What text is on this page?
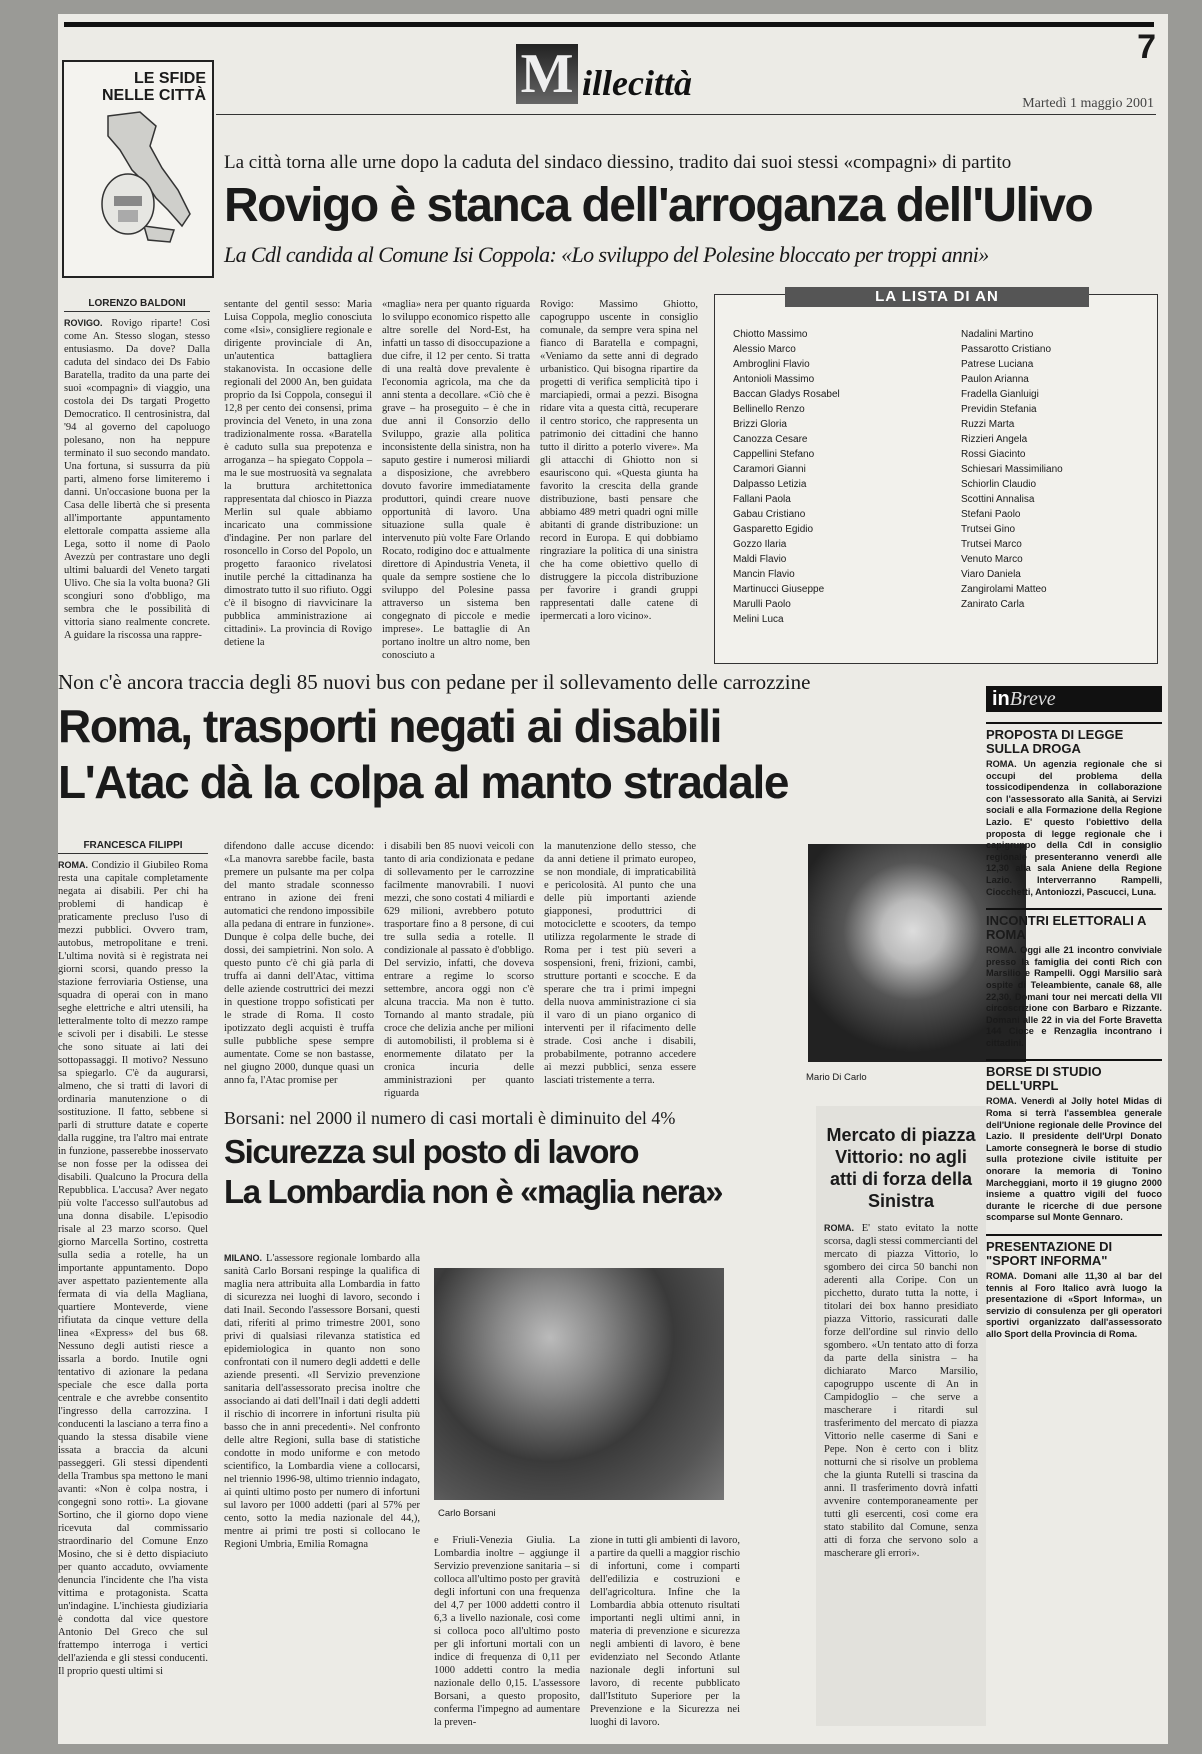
7
M illecittà
Martedì 1 maggio 2001
LE SFIDE
NELLE CITTÀ
La città torna alle urne dopo la caduta del sindaco diessino, tradito dai suoi stessi «compagni» di partito
Rovigo è stanca dell'arroganza dell'Ulivo
La Cdl candida al Comune Isi Coppola: «Lo sviluppo del Polesine bloccato per troppi anni»
LORENZO BALDONI

ROVIGO. Rovigo riparte! Così come An. Stesso slogan, stesso entusiasmo. Da dove? Dalla caduta del sindaco dei Ds Fabio Baratella, tradito da una parte dei suoi «compagni» di viaggio, una costola dei Ds targati Progetto Democratico. Il centrosinistra, dal '94 al governo del capoluogo polesano, non ha neppure terminato il suo secondo mandato. Una fortuna, si sussurra da più parti, almeno forse limiteremo i danni. Un'occasione buona per la Casa delle libertà che si presenta all'importante appuntamento elettorale compatta assieme alla Lega, sotto il nome di Paolo Avezzù per contrastare uno degli ultimi baluardi del Veneto targati Ulivo. Che sia la volta buona? Gli scongiuri sono d'obbligo, ma sembra che le possibilità di vittoria siano realmente concrete. A guidare la riscossa una rappre-

sentante del gentil sesso: Maria Luisa Coppola, meglio conosciuta come «Isi», consigliere regionale e dirigente provinciale di An, un'autentica battagliera stakanovista. In occasione delle regionali del 2000 An, ben guidata proprio da Isi Coppola, conseguì il 12,8 per cento dei consensi, prima provincia del Veneto, in una zona tradizionalmente rossa. «Baratella è caduto sulla sua prepotenza e arroganza – ha spiegato Coppola – ma le sue mostruosità va segnalata la bruttura architettonica rappresentata dal chiosco in Piazza Merlin sul quale abbiamo incaricato una commissione d'indagine. Per non parlare del rosoncello in Corso del Popolo, un progetto faraonico rivelatosi inutile perché la cittadinanza ha dimostrato tutto il suo rifiuto. Oggi c'è il bisogno di riavvicinare la pubblica amministrazione ai cittadini». La provincia di Rovigo detiene la

«maglia» nera per quanto riguarda lo sviluppo economico rispetto alle altre sorelle del Nord-Est, ha infatti un tasso di disoccupazione a due cifre, il 12 per cento. Si tratta di una realtà dove prevalente è l'economia agricola, ma che da anni stenta a decollare. «Ciò che è grave – ha proseguito – è che in due anni il Consorzio dello Sviluppo, grazie alla politica inconsistente della sinistra, non ha saputo gestire i numerosi miliardi a disposizione, che avrebbero dovuto favorire immediatamente produttori, quindi creare nuove opportunità di lavoro. Una situazione sulla quale è intervenuto più volte Fare Orlando Rocato, rodigino doc e attualmente direttore di Apindustria Veneta, il quale da sempre sostiene che lo sviluppo del Polesine passa attraverso un sistema ben congegnato di piccole e medie imprese». Le battaglie di An portano inoltre un altro nome, ben conosciuto a

Rovigo: Massimo Ghiotto, capogruppo uscente in consiglio comunale, da sempre vera spina nel fianco di Baratella e compagni, «Veniamo da sette anni di degrado urbanistico. Qui bisogna ripartire da progetti di verifica semplicità tipo i marciapiedi, ormai a pezzi. Bisogna ridare vita a questa città, recuperare il centro storico, che rappresenta un patrimonio dei cittadini che hanno tutto il diritto a poterlo vivere». Ma gli attacchi di Ghiotto non si esauriscono qui. «Questa giunta ha favorito la crescita della grande distribuzione, basti pensare che abbiamo 489 metri quadri ogni mille abitanti di grande distribuzione: un record in Europa. E qui dobbiamo ringraziare la politica di una sinistra che ha come obiettivo quello di distruggere la piccola distribuzione per favorire i grandi gruppi rappresentati dalle catene di ipermercati a loro vicino».

LA LISTA DI AN
Chiotto Massimo
Alessio Marco
Ambroglini Flavio
Antonioli Massimo
Baccan Gladys Rosabel
Bellinello Renzo
Brizzi Gloria
Canozza Cesare
Cappellini Stefano
Caramori Gianni
Dalpasso Letizia
Fallani Paola
Gabau Cristiano
Gasparetto Egidio
Gozzo Ilaria
Maldi Flavio
Mancin Flavio
Martinucci Giuseppe
Marulli Paolo
Melini Luca
Nadalini Martino
Passarotto Cristiano
Patrese Luciana
Paulon Arianna
Fradella Gianluigi
Previdin Stefania
Ruzzi Marta
Rizzieri Angela
Rossi Giacinto
Schiesari Massimiliano
Schiorlin Claudio
Scottini Annalisa
Stefani Paolo
Trutsei Gino
Trutsei Marco
Venuto Marco
Viaro Daniela
Zangirolami Matteo
Zanirato Carla
Non c'è ancora traccia degli 85 nuovi bus con pedane per il sollevamento delle carrozzine
Roma, trasporti negati ai disabili
L'Atac dà la colpa al manto stradale
FRANCESCA FILIPPI

ROMA. Condizio il Giubileo Roma resta una capitale completamente negata ai disabili. Per chi ha problemi di handicap è praticamente precluso l'uso di mezzi pubblici. Ovvero tram, autobus, metropolitane e treni. L'ultima novità si è registrata nei giorni scorsi, quando presso la stazione ferroviaria Ostiense, una squadra di operai con in mano seghe elettriche e altri utensili, ha letteralmente tolto di mezzo rampe e scivoli per i disabili. Le stesse che sono situate ai lati dei sottopassaggi. Il motivo? Nessuno sa spiegarlo. C'è da augurarsi, almeno, che si tratti di lavori di ordinaria manutenzione o di sostituzione. Il fatto, sebbene si parli di strutture datate e coperte dalla ruggine, tra l'altro mai entrate in funzione, passerebbe inosservato se non fosse per la odissea dei disabili. Qualcuno la Procura della Repubblica. L'accusa? Aver negato più volte l'accesso sull'autobus ad una donna disabile. L'episodio risale al 23 marzo scorso. Quel giorno Marcella Sortino, costretta sulla sedia a rotelle, ha un importante appuntamento. Dopo aver aspettato pazientemente alla fermata di via della Magliana, quartiere Monteverde, viene rifiutata da cinque vetture della linea «Express» del bus 68. Nessuno degli autisti riesce a issarla a bordo. Inutile ogni tentativo di azionare la pedana speciale che esce dalla porta centrale e che avrebbe consentito l'ingresso della carrozzina. I conducenti la lasciano a terra fino a quando la stessa disabile viene issata a braccia da alcuni passeggeri. Gli stessi dipendenti della Trambus spa mettono le mani avanti: «Non è colpa nostra, i congegni sono rotti». La giovane Sortino, che il giorno dopo viene ricevuta dal commissario straordinario del Comune Enzo Mosino, che si è detto dispiaciuto per quanto accaduto, ovviamente denuncia l'incidente che l'ha vista vittima e protagonista. Scatta un'indagine. L'inchiesta giudiziaria è condotta dal vice questore Antonio Del Greco che sul frattempo interroga i vertici dell'azienda e gli stessi conducenti. Il proprio questi ultimi si

difendono dalle accuse dicendo: «La manovra sarebbe facile, basta premere un pulsante ma per colpa del manto stradale sconnesso entrano in azione dei freni automatici che rendono impossibile alla pedana di entrare in funzione». Dunque è colpa delle buche, dei dossi, dei sampietrini. Non solo. A questo punto c'è chi già parla di truffa ai danni dell'Atac, vittima delle aziende costruttrici dei mezzi in questione troppo sofisticati per le strade di Roma. Il costo ipotizzato degli acquisti è truffa sulle pubbliche spese sempre aumentate. Come se non bastasse, nel giugno 2000, dunque quasi un anno fa, l'Atac promise per

i disabili ben 85 nuovi veicoli con tanto di aria condizionata e pedane di sollevamento per le carrozzine facilmente manovrabili. I nuovi mezzi, che sono costati 4 miliardi e 629 milioni, avrebbero potuto trasportare fino a 8 persone, di cui tre sulla sedia a rotelle. Il condizionale al passato è d'obbligo. Del servizio, infatti, che doveva entrare a regime lo scorso settembre, ancora oggi non c'è alcuna traccia. Ma non è tutto. Tornando al manto stradale, più croce che delizia anche per milioni di automobilisti, il problema si è enormemente dilatato per la cronica incuria delle amministrazioni per quanto riguarda

la manutenzione dello stesso, che da anni detiene il primato europeo, se non mondiale, di impraticabilità e pericolosità. Al punto che una delle più importanti aziende giapponesi, produttrici di motociclette e scooters, da tempo utilizza regolarmente le strade di Roma per i test più severi a sospensioni, freni, frizioni, cambi, strutture portanti e scocche. E da sperare che tra i primi impegni della nuova amministrazione ci sia il varo di un piano organico di interventi per il rifacimento delle strade. Così anche i disabili, probabilmente, potranno accedere ai mezzi pubblici, senza essere lasciati tristemente a terra.	Mario Di Carlo
inBreve
PROPOSTA DI LEGGE SULLA DROGA
ROMA. Un agenzia regionale che si occupi del problema della tossicodipendenza in collaborazione con l'assessorato alla Sanità, ai Servizi sociali e alla Formazione della Regione Lazio. E' questo l'obiettivo della proposta di legge regionale che i capigruppo della Cdl in consiglio regionale presenteranno venerdì alle 12,30 alla sala Aniene della Regione Lazio. Interverranno Rampelli, Ciocchetti, Antoniozzi, Pascucci, Luna.
INCONTRI ELETTORALI A ROMA
ROMA. Oggi alle 21 incontro conviviale presso la famiglia dei conti Rich con Marsilio e Rampelli. Oggi Marsilio sarà ospite di Teleambiente, canale 68, alle 22,30. Domani tour nei mercati della VII circoscrizione con Barbaro e Rizzante. Domani alle 22 in via del Forte Bravetta 144 Cioce e Renzaglia incontrano i cittadini.
BORSE DI STUDIO DELL'URPL
ROMA. Venerdì al Jolly hotel Midas di Roma si terrà l'assemblea generale dell'Unione regionale delle Province del Lazio. Il presidente dell'Urpl Donato Lamorte consegnerà le borse di studio sulla protezione civile istituite per onorare la memoria di Tonino Marcheggiani, morto il 19 giugno 2000 insieme a quattro vigili del fuoco durante le ricerche di due persone scomparse sul Monte Gennaro.
PRESENTAZIONE DI "SPORT INFORMA"
ROMA. Domani alle 11,30 al bar del tennis al Foro Italico avrà luogo la presentazione di «Sport Informa», un servizio di consulenza per gli operatori sportivi organizzato dall'assessorato allo Sport della Provincia di Roma.
Borsani: nel 2000 il numero di casi mortali è diminuito del 4%
Sicurezza sul posto di lavoro
La Lombardia non è «maglia nera»

MILANO. L'assessore regionale lombardo alla sanità Carlo Borsani respinge la qualifica di maglia nera attribuita alla Lombardia in fatto di sicurezza nei luoghi di lavoro, secondo i dati Inail. Secondo l'assessore Borsani, questi dati, riferiti al primo trimestre 2001, sono privi di qualsiasi rilevanza statistica ed epidemiologica in quanto non sono confrontati con il numero degli addetti e delle aziende presenti. «Il Servizio prevenzione sanitaria dell'assessorato precisa inoltre che associando ai dati dell'Inail i dati degli addetti il rischio di incorrere in infortuni risulta più basso che in anni precedenti». Nel confronto delle altre Regioni, sulla base di statistiche condotte in modo uniforme e con metodo scientifico, la Lombardia viene a collocarsi, nel triennio 1996-98, ultimo triennio indagato, ai quinti ultimo posto per numero di infortuni sul lavoro per 1000 addetti (pari al 57% per cento, sotto la media nazionale del 44,), mentre ai primi tre posti si collocano le Regioni Umbria, Emilia Romagna

Carlo Borsani

e Friuli-Venezia Giulia. La Lombardia inoltre – aggiunge il Servizio prevenzione sanitaria – si colloca all'ultimo posto per gravità degli infortuni con una frequenza del 4,7 per 1000 addetti contro il 6,3 a livello nazionale, così come si colloca poco all'ultimo posto per gli infortuni mortali con un indice di frequenza di 0,11 per 1000 addetti contro la media nazionale dello 0,15. L'assessore Borsani, a questo proposito, conferma l'impegno ad aumentare la preven-

zione in tutti gli ambienti di lavoro, a partire da quelli a maggior rischio di infortuni, come i comparti dell'edilizia e costruzioni e dell'agricoltura. Infine che la Lombardia abbia ottenuto risultati importanti negli ultimi anni, in materia di prevenzione e sicurezza negli ambienti di lavoro, è bene evidenziato nel Secondo Atlante nazionale degli infortuni sul lavoro, di recente pubblicato dall'Istituto Superiore per la Prevenzione e la Sicurezza nei luoghi di lavoro.

Mercato di piazza Vittorio: no agli atti di forza della Sinistra

ROMA. E' stato evitato la notte scorsa, dagli stessi commercianti del mercato di piazza Vittorio, lo sgombero dei circa 50 banchi non aderenti alla Coripe. Con un picchetto, durato tutta la notte, i titolari dei box hanno presidiato piazza Vittorio, rassicurati dalle forze dell'ordine sul rinvio dello sgombero. «Un tentato atto di forza da parte della sinistra – ha dichiarato Marco Marsilio, capogruppo uscente di An in Campidoglio – che serve a mascherare i ritardi sul trasferimento del mercato di piazza Vittorio nelle caserme di Sani e Pepe. Non è certo con i blitz notturni che si risolve un problema che la giunta Rutelli si trascina da anni. Il trasferimento dovrà infatti avvenire contemporaneamente per tutti gli esercenti, così come era stato stabilito dal Comune, senza atti di forza che servono solo a mascherare gli errori».
